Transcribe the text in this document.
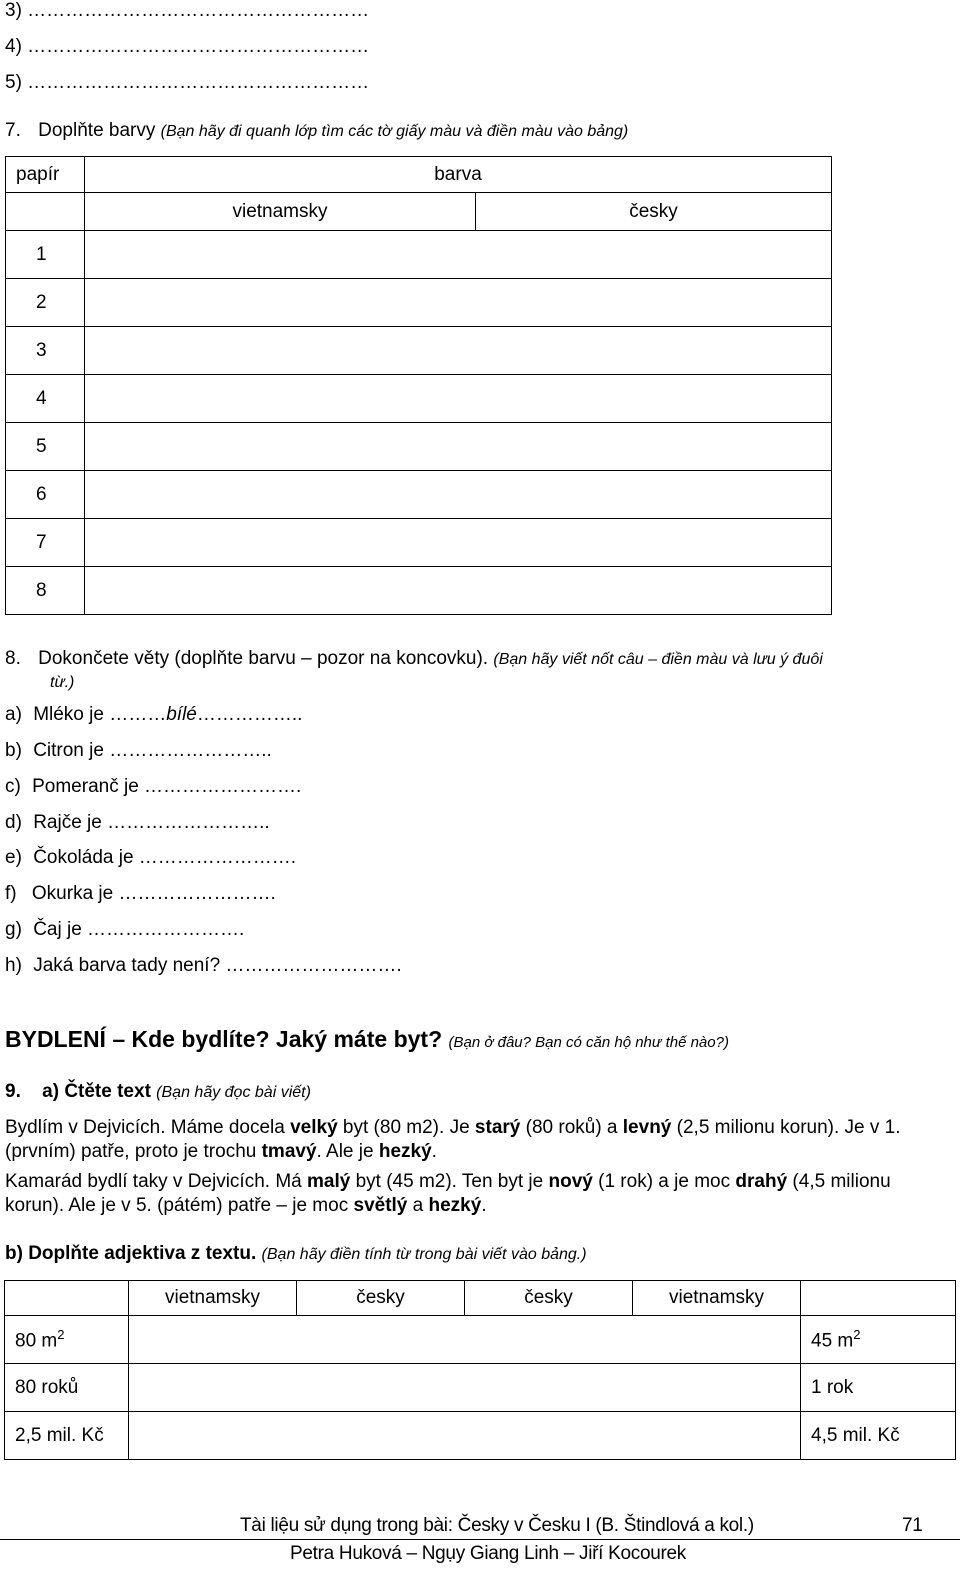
3) ………………………………………………
4) ………………………………………………
5) ………………………………………………
7. Doplňte barvy (Bạn hãy đi quanh lớp tìm các tờ giấy màu và điền màu vào bảng)
papír	barva	
	vietnamsky	česky
1		
2		
3		
4		
5		
6		
7		
8		
8. Dokončete věty (doplňte barvu – pozor na koncovku). (Bạn hãy viết nốt câu – điền màu và lưu ý đuôi
từ.)
a) Mléko je ………bílé……………..
b) Citron je ……………………..
c) Pomeranč je …………………….
d) Rajče je ……………………..
e) Čokoláda je …………………….
f) Okurka je …………………….
g) Čaj je …………………….
h) Jaká barva tady není? ……………………….
BYDLENÍ – Kde bydlíte? Jaký máte byt? (Bạn ở đâu? Bạn có căn hộ như thế nào?)
9. a) Čtěte text (Bạn hãy đọc bài viết)
Bydlím v Dejvicích. Máme docela velký byt (80 m2). Je starý (80 roků) a levný (2,5 milionu korun). Je v 1. (prvním) patře, proto je trochu tmavý. Ale je hezký.
Kamarád bydlí taky v Dejvicích. Má malý byt (45 m2). Ten byt je nový (1 rok) a je moc drahý (4,5 milionu korun). Ale je v 5. (pátém) patře – je moc světlý a hezký.
b) Doplňte adjektiva z textu. (Bạn hãy điền tính từ trong bài viết vào bảng.)
	vietnamsky	česky	česky	vietnamsky	
80 $m^2$					45 $m^2$
80 roků					1 rok
2,5 mil. Kč					4,5 mil. Kč
Tài liệu sử dụng trong bài: Česky v Česku I (B. Štindlová a kol.)	71
Petra Huková – Ngụy Giang Linh – Jiří Kocourek
